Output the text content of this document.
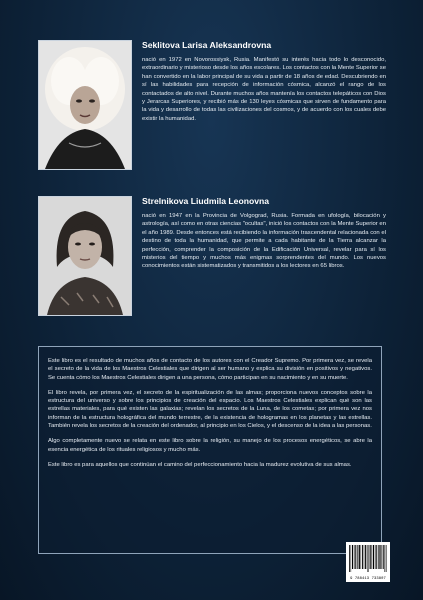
Seklitova Larisa Aleksandrovna

nació en 1972 en Novorossiysk, Rusia. Manifestó su interés hacia todo lo desconocido, extraordinario y misterioso desde los años escolares. Los contactos con la Mente Superior se han convertido en la labor principal de su vida a partir de 18 años de edad. Descubriendo en sí las habilidades para recepción de información cósmica, alcanzó el rango de los contactados de alto nivel. Durante muchos años mantenía los contactos telepáticos con Dios y Jerarcas Superiores, y recibió más de 130 leyes cósmicas que sirven de fundamento para la vida y desarrollo de todas las civilizaciones del cosmos, y de acuerdo con los cuales debe existir la humanidad.

Strelnikova Liudmila Leonovna

nació en 1947 en la Provincia de Volgograd, Rusia. Formada en ufología, bilocación y astrología, así como en otras ciencias "ocultas", inició los contactos con la Mente Superior en el año 1989. Desde entonces está recibiendo la información trascendental relacionada con el destino de toda la humanidad, que permite a cada habitante de la Tierra alcanzar la perfección, comprender la composición de la Edificación Universal, revelar para sí los misterios del tiempo y muchos más enigmas sorprendentes del mundo. Los nuevos conocimientos están sistematizados y transmitidos a los lectores en 65 libros.

Este libro es el resultado de muchos años de contacto de los autores con el Creador Supremo. Por primera vez, se revela el secreto de la vida de los Maestros Celestiales que dirigen al ser humano y explica su división en positivos y negativos. Se cuenta cómo los Maestros Celestiales dirigen a una persona, cómo participan en su nacimiento y en su muerte.

El libro revela, por primera vez, el secreto de la espiritualización de las almas; proporciona nuevos conceptos sobre la estructura del universo y sobre los principios de creación del espacio. Los Maestros Celestiales explican qué son las estrellas materiales, para qué existen las galaxias; revelan los secretos de la Luna, de los cometas; por primera vez nos informan de la estructura holográfica del mundo terrestre, de la existencia de hologramas en los planetas y las estrellas. También revela los secretos de la creación del ordenador, al principio en los Cielos, y el descenso de la idea a las personas.

Algo completamente nuevo se relata en este libro sobre la religión, su manejo de los procesos energéticos, se abre la esencia energética de los rituales religiosos y mucho más.

Este libro es para aquellos que continúan el camino del perfeccionamiento hacia la madurez evolutiva de sus almas.

9 788413 733807
